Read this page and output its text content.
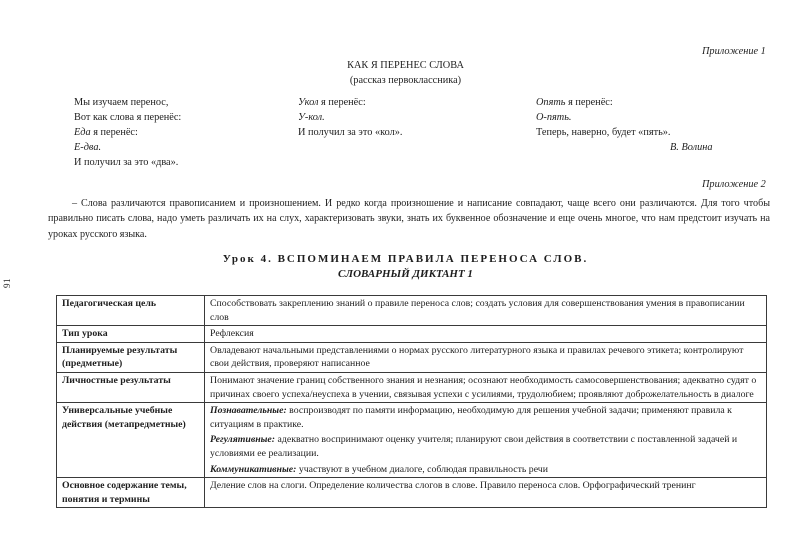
91
Приложение 1
КАК Я ПЕРЕНЕС СЛОВА
(рассказ первоклассника)
Мы изучаем перенос,
Вот как слова я перенёс:
Еда я перенёс:
Е-два.
И получил за это «два».
Укол я перенёс:
У-кол.
И получил за это «кол».
Опять я перенёс:
О-пять.
Теперь, наверно, будет «пять».
В. Волина
Приложение 2
– Слова различаются правописанием и произношением. И редко когда произношение и написание совпадают, чаще всего они различаются. Для того чтобы правильно писать слова, надо уметь различать их на слух, характеризовать звуки, знать их буквенное обозначение и еще очень многое, что нам предстоит изучать на уроках русского языка.
Урок 4. ВСПОМИНАЕМ ПРАВИЛА ПЕРЕНОСА СЛОВ.
СЛОВАРНЫЙ ДИКТАНТ 1
Педагогическая цель	Способствовать закреплению знаний о правиле переноса слов; создать условия для совершенствования умения в правописании слов
Тип урока	Рефлексия
Планируемые результаты (предметные)	Овладевают начальными представлениями о нормах русского литературного языка и правилах речевого этикета; контролируют свои действия, проверяют написанное
Личностные результаты	Понимают значение границ собственного знания и незнания; осознают необходимость самосовершенствования; адекватно судят о причинах своего успеха/неуспеха в учении, связывая успехи с усилиями, трудолюбием; проявляют доброжелательность в диалоге
Универсальные учебные действия (метапредметные)	Познавательные: воспроизводят по памяти информацию, необходимую для решения учебной задачи; применяют правила к ситуациям в практике.
Регулятивные: адекватно воспринимают оценку учителя; планируют свои действия в соответствии с поставленной задачей и условиями ее реализации.
Коммуникативные: участвуют в учебном диалоге, соблюдая правильность речи

Основное содержание темы, понятия и термины	Деление слов на слоги. Определение количества слогов в слове. Правило переноса слов. Орфографический тренинг
